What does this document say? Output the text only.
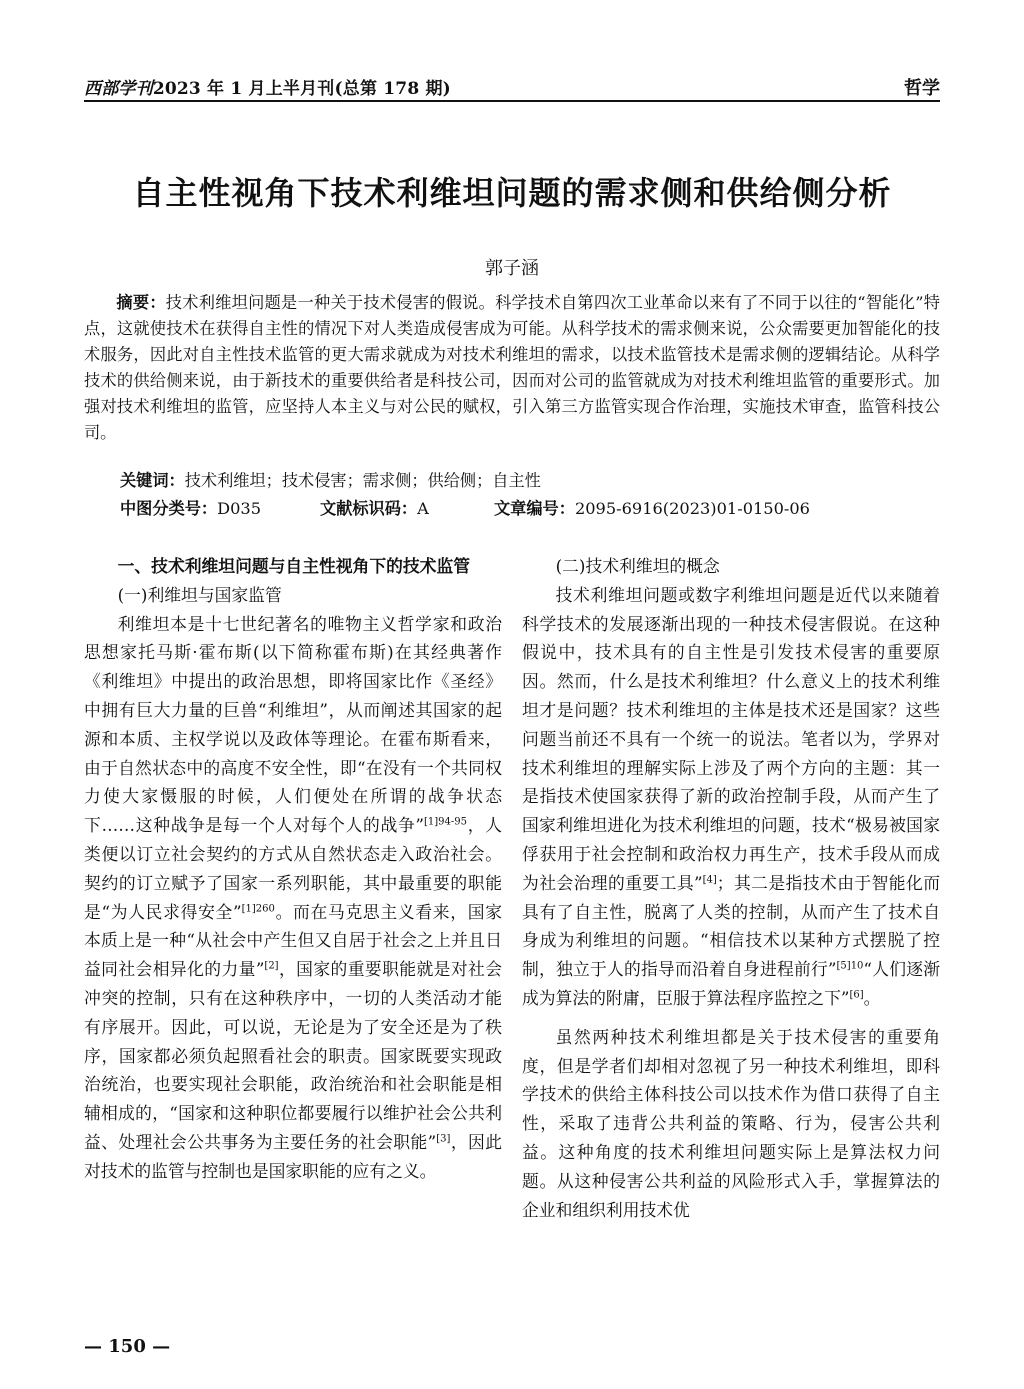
西部学刊2023 年 1 月上半月刊(总第 178 期)	哲学
自主性视角下技术利维坦问题的需求侧和供给侧分析
郭子涵

摘要：技术利维坦问题是一种关于技术侵害的假说。科学技术自第四次工业革命以来有了不同于以往的“智能化”特点，这就使技术在获得自主性的情况下对人类造成侵害成为可能。从科学技术的需求侧来说，公众需要更加智能化的技术服务，因此对自主性技术监管的更大需求就成为对技术利维坦的需求，以技术监管技术是需求侧的逻辑结论。从科学技术的供给侧来说，由于新技术的重要供给者是科技公司，因而对公司的监管就成为对技术利维坦监管的重要形式。加强对技术利维坦的监管，应坚持人本主义与对公民的赋权，引入第三方监管实现合作治理，实施技术审查，监管科技公司。

关键词：技术利维坦；技术侵害；需求侧；供给侧；自主性
中图分类号：D035	文献标识码：A	文章编号：2095-6916(2023)01-0150-06
一、技术利维坦问题与自主性视角下的技术监管
(一)利维坦与国家监管

利维坦本是十七世纪著名的唯物主义哲学家和政治思想家托马斯·霍布斯(以下简称霍布斯)在其经典著作《利维坦》中提出的政治思想，即将国家比作《圣经》中拥有巨大力量的巨兽“利维坦”，从而阐述其国家的起源和本质、主权学说以及政体等理论。在霍布斯看来，由于自然状态中的高度不安全性，即“在没有一个共同权力使大家慑服的时候，人们便处在所谓的战争状态下……这种战争是每一个人对每个人的战争”$^{[1]94-95}$，人类便以订立社会契约的方式从自然状态走入政治社会。契约的订立赋予了国家一系列职能，其中最重要的职能是“为人民求得安全”$^{[1]260}$。而在马克思主义看来，国家本质上是一种“从社会中产生但又自居于社会之上并且日益同社会相异化的力量”[2]，国家的重要职能就是对社会冲突的控制，只有在这种秩序中，一切的人类活动才能有序展开。因此，可以说，无论是为了安全还是为了秩序，国家都必须负起照看社会的职责。国家既要实现政治统治，也要实现社会职能，政治统治和社会职能是相辅相成的，“国家和这种职位都要履行以维护社会公共利益、处理社会公共事务为主要任务的社会职能”[3]，因此对技术的监管与控制也是国家职能的应有之义。

(二)技术利维坦的概念

技术利维坦问题或数字利维坦问题是近代以来随着科学技术的发展逐渐出现的一种技术侵害假说。在这种假说中，技术具有的自主性是引发技术侵害的重要原因。然而，什么是技术利维坦？什么意义上的技术利维坦才是问题？技术利维坦的主体是技术还是国家？这些问题当前还不具有一个统一的说法。笔者以为，学界对技术利维坦的理解实际上涉及了两个方向的主题：其一是指技术使国家获得了新的政治控制手段，从而产生了国家利维坦进化为技术利维坦的问题，技术“极易被国家俘获用于社会控制和政治权力再生产，技术手段从而成为社会治理的重要工具”[4]；其二是指技术由于智能化而具有了自主性，脱离了人类的控制，从而产生了技术自身成为利维坦的问题。“相信技术以某种方式摆脱了控制，独立于人的指导而沿着自身进程前行”$^{[5]10}$“人们逐渐成为算法的附庸，臣服于算法程序监控之下”[6]。

虽然两种技术利维坦都是关于技术侵害的重要角度，但是学者们却相对忽视了另一种技术利维坦，即科学技术的供给主体科技公司以技术作为借口获得了自主性，采取了违背公共利益的策略、行为，侵害公共利益。这种角度的技术利维坦问题实际上是算法权力问题。从这种侵害公共利益的风险形式入手，掌握算法的企业和组织利用技术优

— 150 —
